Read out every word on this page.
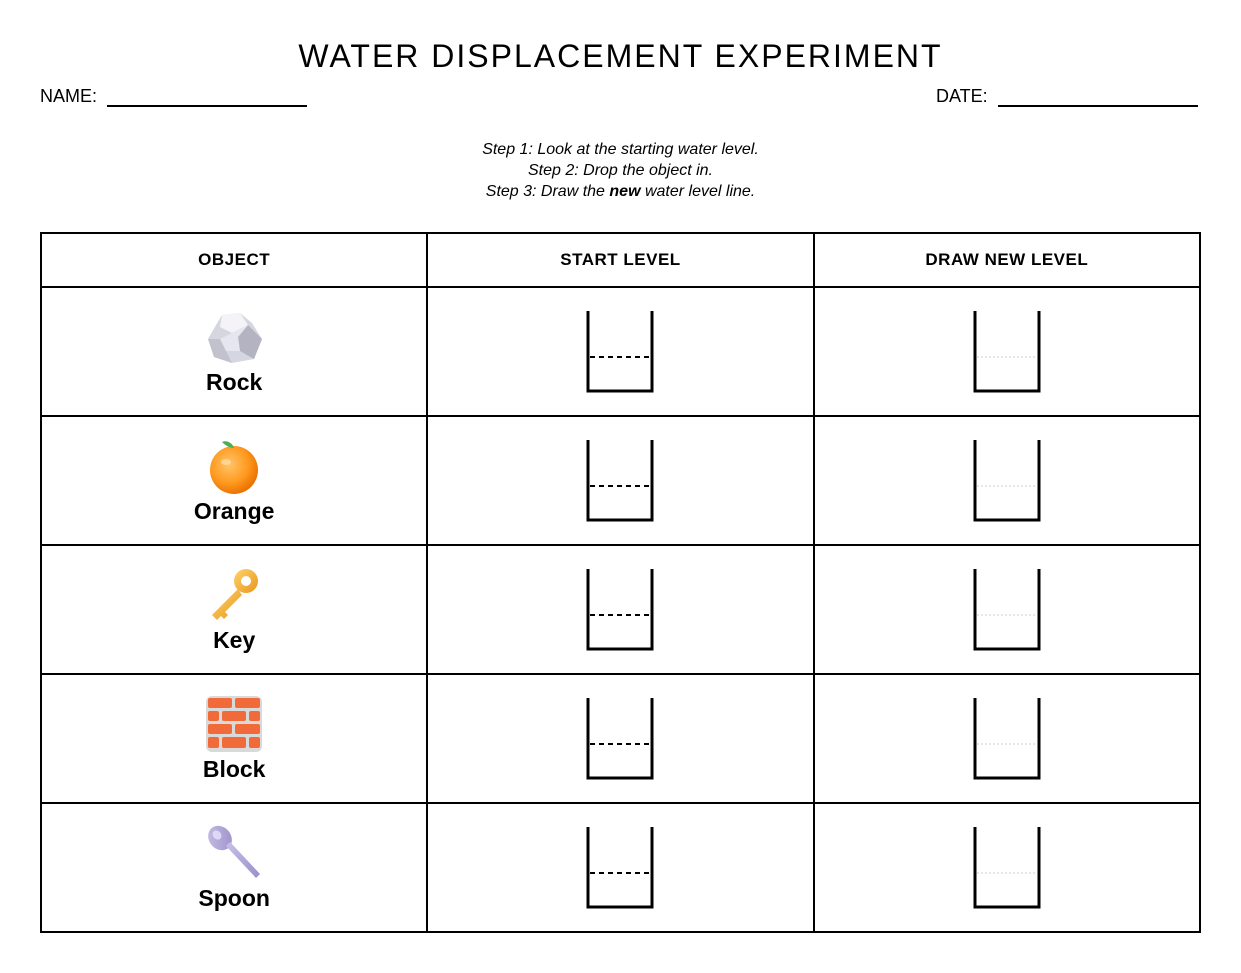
WATER DISPLACEMENT EXPERIMENT
NAME:	DATE:
Step 1: Look at the starting water level.
Step 2: Drop the object in.
Step 3: Draw the new water level line.
OBJECT	START LEVEL	DRAW NEW LEVEL

Rock

Orange

Key

Block

Spoon
